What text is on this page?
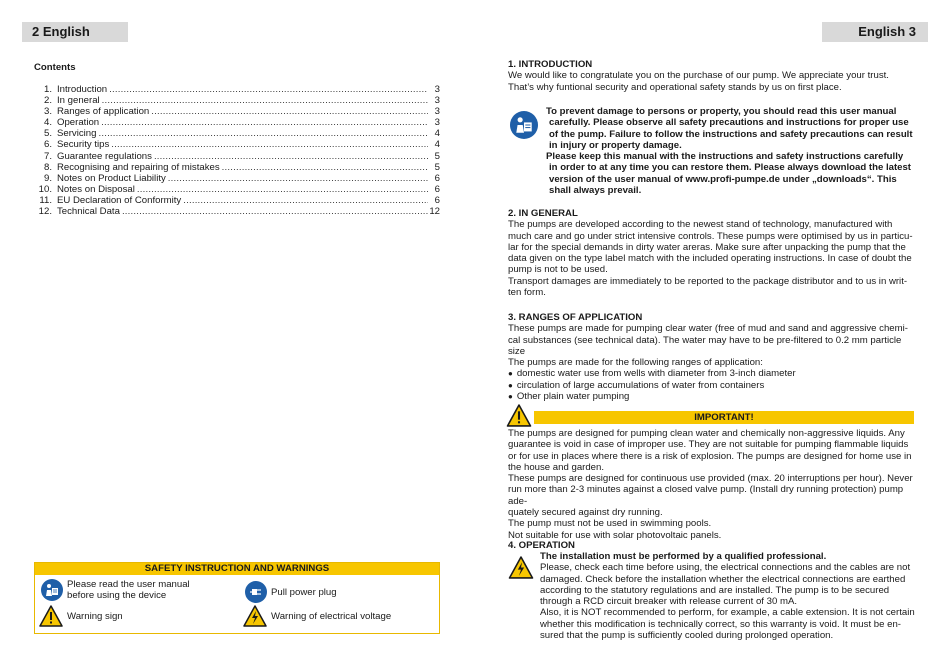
2 English	English 3
Contents
1. Introduction .....	3
2. In general .....	3
3. Ranges of application .....	3
4. Operation .....	3
5. Servicing .....	4
6. Security tips .....	4
7. Guarantee regulations .....	5
8. Recognising and repairing of mistakes .....	5
9. Notes on Product Liability .....	6
10. Notes on Disposal .....	6
11. EU Declaration of Conformity .....	6
12. Technical Data .....	12
SAFETY INSTRUCTION AND WARNINGS
Please read the user manual
before using the device	Pull power plug
Warning sign	Warning of electrical voltage
1. INTRODUCTION
We would like to congratulate you on the purchase of our pump. We appreciate your trust.
That’s why funtional security and operational safety stands by us on first place.
To prevent damage to persons or property, you should read this user manual
carefully. Please observe all safety precautions and instructions for proper use
of the pump. Failure to follow the instructions and safety precautions can result
in injury or property damage.
Please keep this manual with the instructions and safety instructions carefully
in order to at any time you can restore them. Please always download the latest
version of the user manual of www.profi-pumpe.de under „downloads“. This
shall always prevail.
2. IN GENERAL
The pumps are developed according to the newest stand of technology, manufactured with
much care and go under strict intensive controls. These pumps were optimised by us in particu-
lar for the special demands in dirty water areras. Make sure after unpacking the pump that the
data given on the type label match with the included operating instructions. In case of doubt the
pump is not to be used.
Transport damages are immediately to be reported to the package distributor and to us in writ-
ten form.
3. RANGES OF APPLICATION
These pumps are made for pumping clear water (free of mud and sand and aggressive chemi-
cal substances (see technical data). The water may have to be pre-filtered to 0.2 mm particle size
The pumps are made for the following ranges of application:
● domestic water use from wells with diameter from 3-inch diameter
● circulation of large accumulations of water from containers
● Other plain water pumping
IMPORTANT!
The pumps are designed for pumping clean water and chemically non-aggressive liquids. Any
guarantee is void in case of improper use. They are not suitable for pumping flammable liquids
or for use in places where there is a risk of explosion. The pumps are designed for home use in
the house and garden.
These pumps are designed for continuous use provided (max. 20 interruptions per hour). Never
run more than 2-3 minutes against a closed valve pump. (Install dry running protection) pump ade-
quately secured against dry running.
The pump must not be used in swimming pools.
Not suitable for use with solar photovoltaic panels.
4. OPERATION
The installation must be performed by a qualified professional.
Please, check each time before using, the electrical connections and the cables are not
damaged. Check before the installation whether the electrical connections are earthed
according to the statutory regulations and are installed. The pump is to be secured
through a RCD circuit breaker with release current of 30 mA.
Also, it is NOT recommended to perform, for example, a cable extension. It is not certain
whether this modification is technically correct, so this warranty is void. It must be en-
sured that the pump is sufficiently cooled during prolonged operation.
